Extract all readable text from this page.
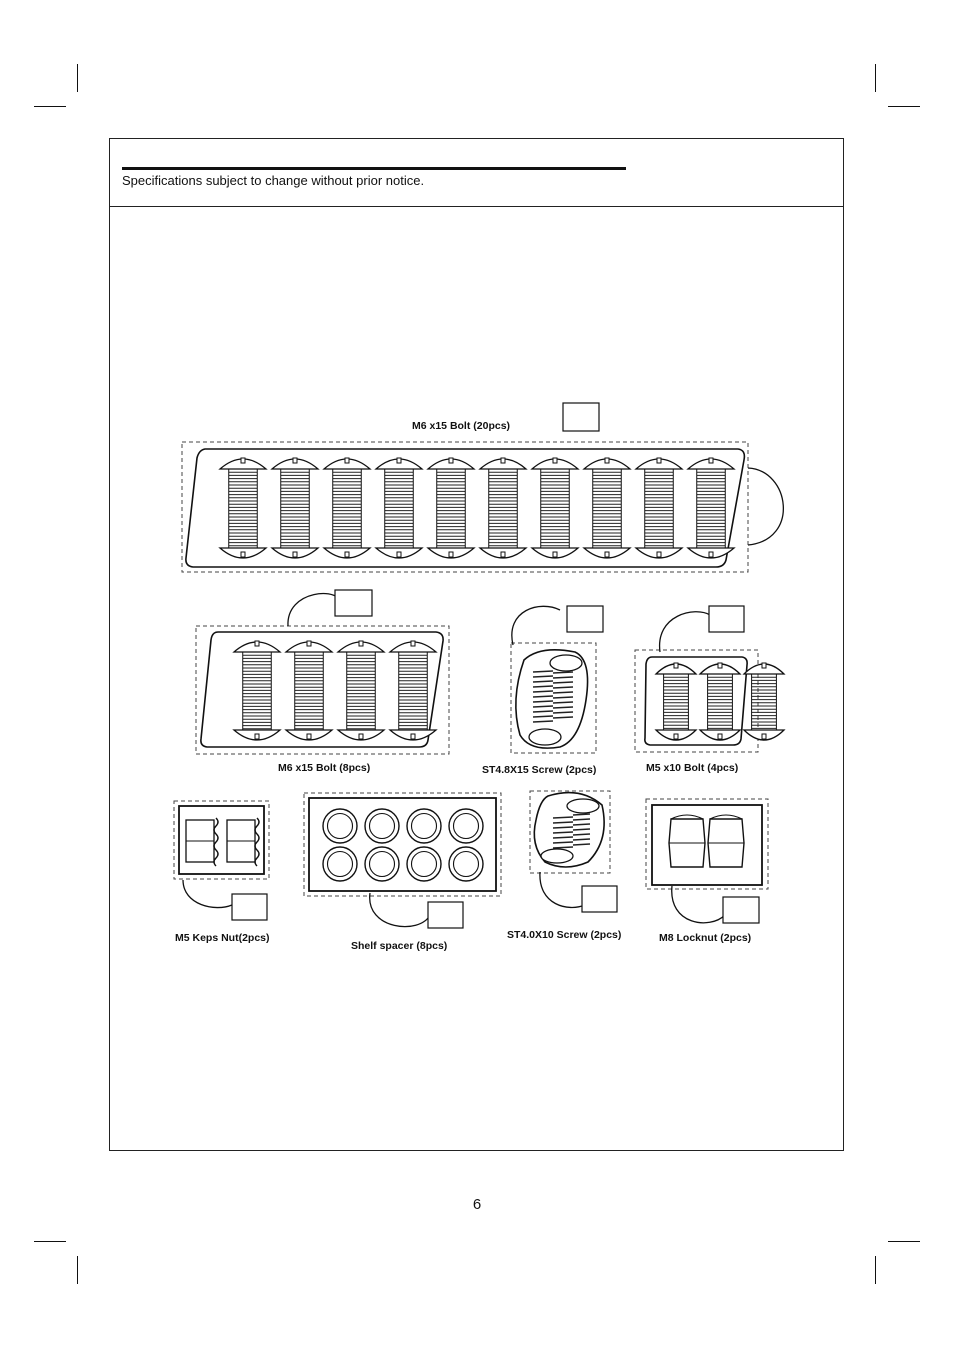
Specifications subject to change without prior notice.
M6 x15 Bolt (20pcs)
M6 x15 Bolt (8pcs)	ST4.8X15 Screw (2pcs)	M5 x10 Bolt (4pcs)
M5 Keps Nut(2pcs)
Shelf spacer (8pcs)
ST4.0X10 Screw (2pcs)	M8 Locknut (2pcs)
6
